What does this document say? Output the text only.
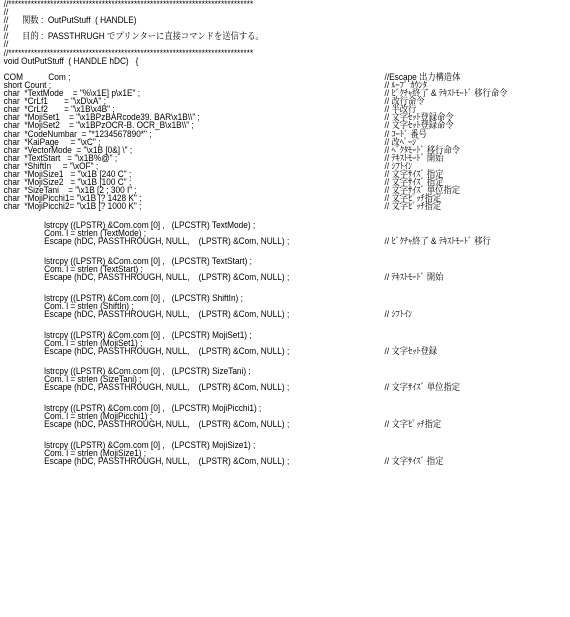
//****************************************************************************
//
//      関数 :  OutPutStuff  ( HANDLE)
//
//      目的 :  PASSTHRUGH でプリンターに直接コマンドを送信する。
//
//****************************************************************************
void OutPutStuff  ( HANDLE hDC)   {
COM           Com ;	//Escape 出力構造体
short Count ;	// ﾙｰﾌﾟ ｶｳﾝﾀ
char  *TextMode    = "%\x1E] p\x1E" ;	// ﾋﾞｸﾁｬ終了 & ﾃｷｽﾄﾓｰﾄﾞ 移行命令
char  *CrLf1       = "\xD\xA" ;	// 改行命令
char  *CrLf2       = "\x1B\x4B" ;	// 半改行
char  *MojiSet1    = "\x1BPzBARcode39. BAR\x1B\\" ;	// 文字ｾｯﾄ登録命令
char  *MojiSet2    = "\x1BPzOCR-B. OCR_B\x1B\\" ;	// 文字ｾｯﾄ登録命令
char  *CodeNumbar  = "*1234567890*" ;	// ｺｰﾄﾞ 番号
char  *KaiPage     = "\xC" ;	// 改ﾍﾟｰｼﾞ
char  *VectorMode  = "\x1B [0&] \" ;	// ﾍﾞｸﾀﾓｰﾄﾞ 移行命令
char  *TextStart   = "\x1B%@" ;	// ﾃｷｽﾄﾓｰﾄﾞ 開始
char  *ShiftIn     = "\xOF" ;	// ｼﾌﾄｲﾝ
char  *MojiSize1   = "\x1B [240 C" ;	// 文字ｻｲｽﾞ 指定
char  *MojiSize2   = "\x1B [100 C" ;	// 文字ｻｲｽﾞ 指定
char  *SizeTani    = "\x1B [2 ; 300 I" ;	// 文字ｻｲｽﾞ 単位指定
char  *MojiPicchi1= "\x1B [? 1428 K" ;	// 文字ﾋﾟｯﾁ指定
char  *MojiPicchi2= "\x1B [? 1000 K" ;	// 文字ﾋﾟｯﾁ指定
lstrcpy ((LPSTR) &Com.com [0] ,   (LPCSTR) TextMode) ;
Com. l = strlen (TextMode) ;
Escape (hDC, PASSTHROUGH, NULL,    (LPSTR) &Com, NULL) ;	// ﾋﾞｸﾁｬ終了 & ﾃｷｽﾄﾓｰﾄﾞ 移行
lstrcpy ((LPSTR) &Com.com [0] ,   (LPCSTR) TextStart) ;
Com. l = strlen (TextStart) ;
Escape (hDC, PASSTHROUGH, NULL,    (LPSTR) &Com, NULL) ;	// ﾃｷｽﾄﾓｰﾄﾞ 開始
lstrcpy ((LPSTR) &Com.com [0] ,   (LPCSTR) ShiftIn) ;
Com. l = strlen (ShiftIn) ;
Escape (hDC, PASSTHROUGH, NULL,    (LPSTR) &Com, NULL) ;	// ｼﾌﾄｲﾝ
lstrcpy ((LPSTR) &Com.com [0] ,   (LPCSTR) MojiSet1) ;
Com. l = strlen (MojiSet1) ;
Escape (hDC, PASSTHROUGH, NULL,    (LPSTR) &Com, NULL) ;	// 文字ｾｯﾄ登録
lstrcpy ((LPSTR) &Com.com [0] ,   (LPCSTR) SizeTani) ;
Com. l = strlen (SizeTani) ;
Escape (hDC, PASSTHROUGH, NULL,    (LPSTR) &Com, NULL) ;	// 文字ｻｲｽﾞ 単位指定
lstrcpy ((LPSTR) &Com.com [0] ,   (LPCSTR) MojiPicchi1) ;
Com. l = strlen (MojiPicchi1) ;
Escape (hDC, PASSTHROUGH, NULL,    (LPSTR) &Com, NULL) ;	// 文字ﾋﾟｯﾁ指定
lstrcpy ((LPSTR) &Com.com [0] ,   (LPCSTR) MojiSize1) ;
Com. l = strlen (MojiSize1) ;
Escape (hDC, PASSTHROUGH, NULL,    (LPSTR) &Com, NULL) ;	// 文字ｻｲｽﾞ 指定
